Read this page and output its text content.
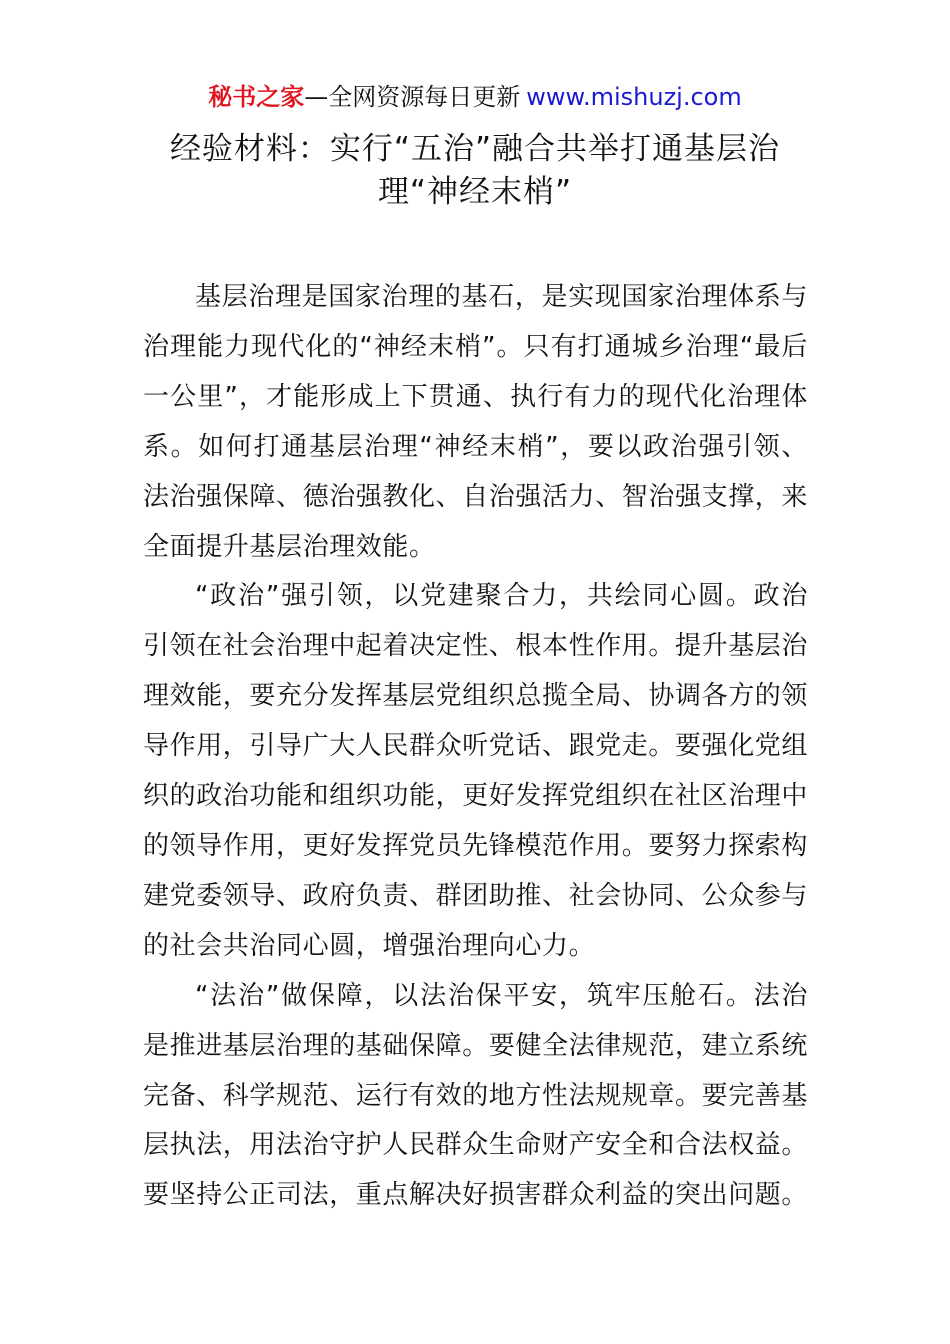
秘书之家—全网资源每日更新 www.mishuzj.com
经验材料：实行“五治”融合共举打通基层治理“神经末梢”

基层治理是国家治理的基石，是实现国家治理体系与治理能力现代化的“神经末梢”。只有打通城乡治理“最后一公里”，才能形成上下贯通、执行有力的现代化治理体系。如何打通基层治理“神经末梢”，要以政治强引领、法治强保障、德治强教化、自治强活力、智治强支撑，来全面提升基层治理效能。

“政治”强引领，以党建聚合力，共绘同心圆。政治引领在社会治理中起着决定性、根本性作用。提升基层治理效能，要充分发挥基层党组织总揽全局、协调各方的领导作用，引导广大人民群众听党话、跟党走。要强化党组织的政治功能和组织功能，更好发挥党组织在社区治理中的领导作用，更好发挥党员先锋模范作用。要努力探索构建党委领导、政府负责、群团助推、社会协同、公众参与的社会共治同心圆，增强治理向心力。

“法治”做保障，以法治保平安，筑牢压舱石。法治是推进基层治理的基础保障。要健全法律规范，建立系统完备、科学规范、运行有效的地方性法规规章。要完善基层执法，用法治守护人民群众生命财产安全和合法权益。要坚持公正司法，重点解决好损害群众利益的突出问题。
